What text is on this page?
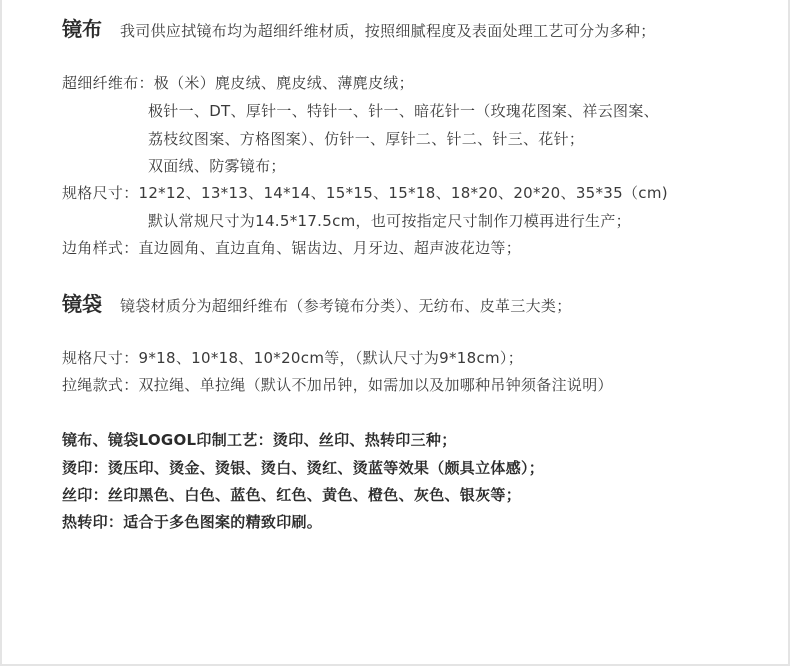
镜布 我司供应拭镜布均为超细纤维材质，按照细腻程度及表面处理工艺可分为多种；
超细纤维布：极（米）麂皮绒、麂皮绒、薄麂皮绒；
极针一、DT、厚针一、特针一、针一、暗花针一（玫瑰花图案、祥云图案、
荔枝纹图案、方格图案）、仿针一、厚针二、针二、针三、花针；
双面绒、防雾镜布；
规格尺寸：12*12、13*13、14*14、15*15、15*18、18*20、20*20、35*35（cm)
默认常规尺寸为14.5*17.5cm，也可按指定尺寸制作刀模再进行生产；
边角样式：直边圆角、直边直角、锯齿边、月牙边、超声波花边等；
镜袋 镜袋材质分为超细纤维布（参考镜布分类）、无纺布、皮革三大类；
规格尺寸：9*18、10*18、10*20cm等，（默认尺寸为9*18cm）；
拉绳款式：双拉绳、单拉绳（默认不加吊钟，如需加以及加哪种吊钟须备注说明）
镜布、镜袋LOGOL印制工艺：烫印、丝印、热转印三种；
烫印：烫压印、烫金、烫银、烫白、烫红、烫蓝等效果（颇具立体感）；
丝印：丝印黑色、白色、蓝色、红色、黄色、橙色、灰色、银灰等；
热转印：适合于多色图案的精致印刷。
